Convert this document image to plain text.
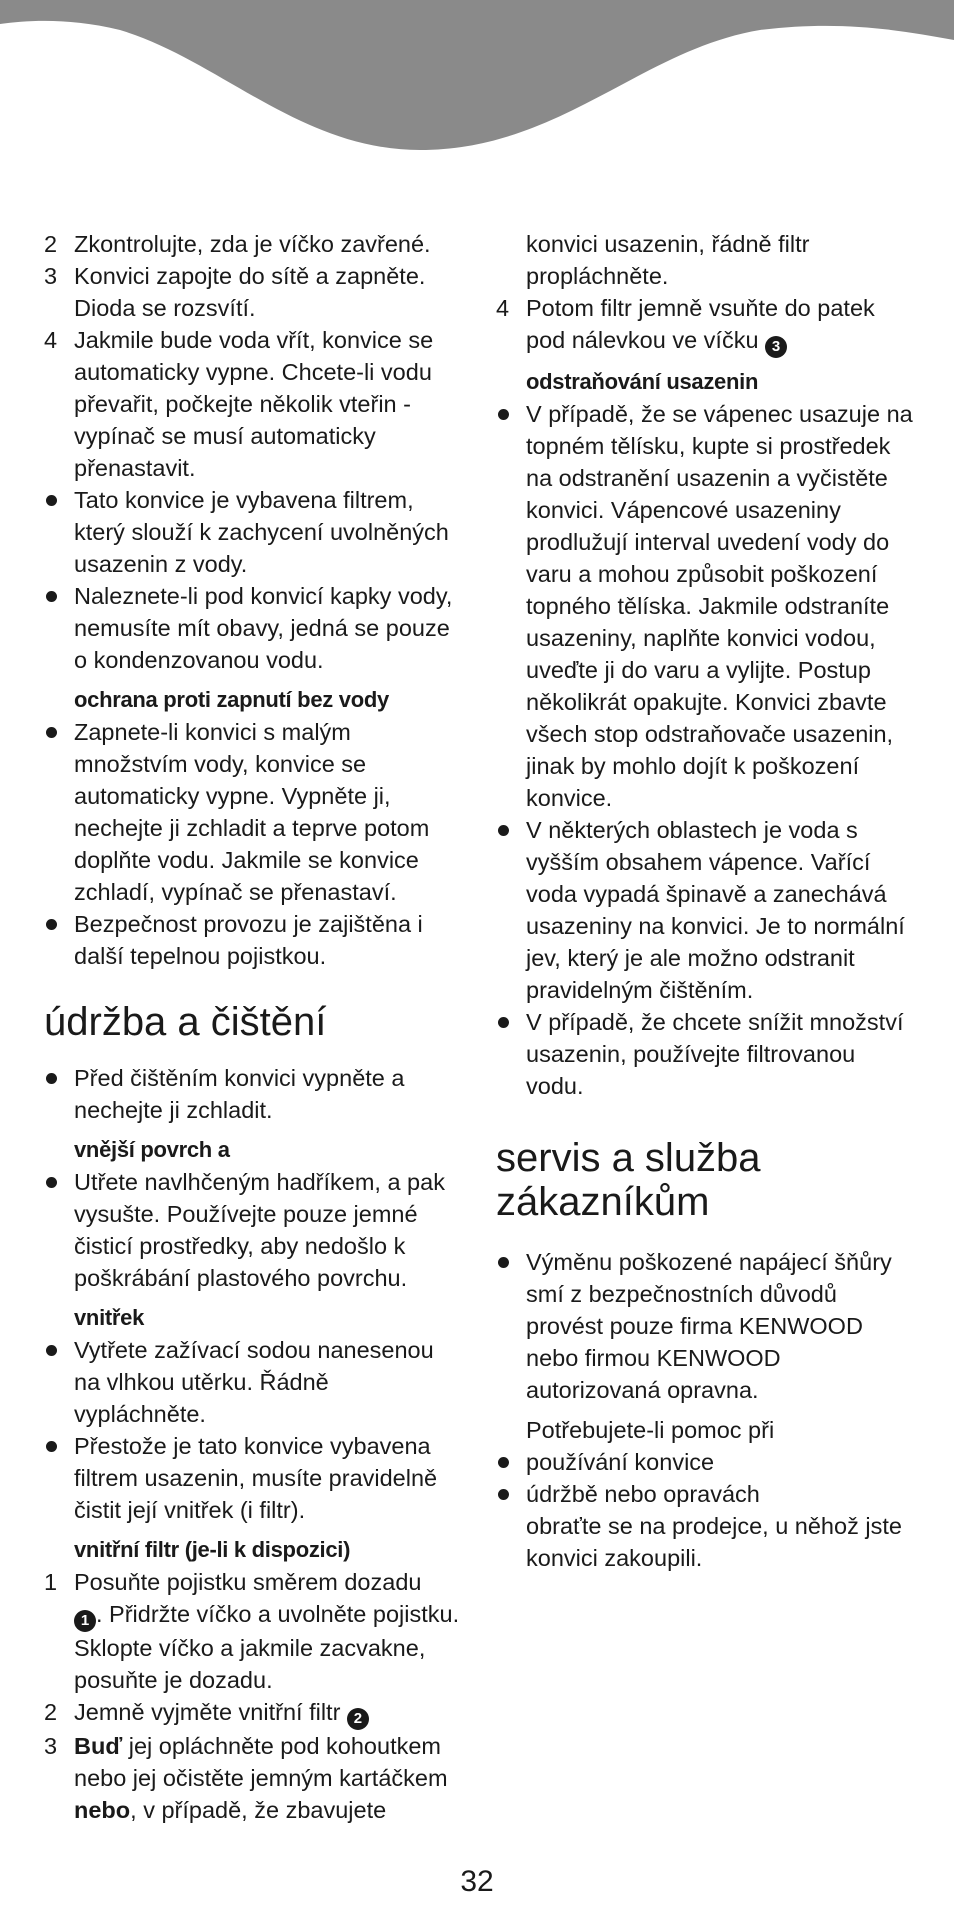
2 Zkontrolujte, zda je víčko zavřené.

3 Konvici zapojte do sítě a zapněte. Dioda se rozsvítí.

4 Jakmile bude voda vřít, konvice se automaticky vypne. Chcete-li vodu převařit, počkejte několik vteřin - vypínač se musí automaticky přenastavit.

Tato konvice je vybavena filtrem, který slouží k zachycení uvolněných usazenin z vody.

Naleznete-li pod konvicí kapky vody, nemusíte mít obavy, jedná se pouze o kondenzovanou vodu.

ochrana proti zapnutí bez vody

Zapnete-li konvici s malým množstvím vody, konvice se automaticky vypne. Vypněte ji, nechejte ji zchladit a teprve potom doplňte vodu. Jakmile se konvice zchladí, vypínač se přenastaví.

Bezpečnost provozu je zajištěna i další tepelnou pojistkou.

údržba a čištění

Před čištěním konvici vypněte a nechejte ji zchladit.

vnější povrch a

Utřete navlhčeným hadříkem, a pak vysušte. Používejte pouze jemné čisticí prostředky, aby nedošlo k poškrábání plastového povrchu.

vnitřek

Vytřete zažívací sodou nanesenou na vlhkou utěrku. Řádně vypláchněte.

Přestože je tato konvice vybavena filtrem usazenin, musíte pravidelně čistit její vnitřek (i filtr).

vnitřní filtr (je-li k dispozici)

1 Posuňte pojistku směrem dozadu
1 . Přidržte víčko a uvolněte pojistku. Sklopte víčko a jakmile zacvakne, posuňte je dozadu.

2 Jemně vyjměte vnitřní filtr 2

3 Buď jej opláchněte pod kohoutkem nebo jej očistěte jemným kartáčkem nebo, v případě, že zbavujete

konvici usazenin, řádně filtr propláchněte.

4 Potom filtr jemně vsuňte do patek pod nálevkou ve víčku 3

odstraňování usazenin

V případě, že se vápenec usazuje na topném tělísku, kupte si prostředek na odstranění usazenin a vyčistěte konvici. Vápencové usazeniny prodlužují interval uvedení vody do varu a mohou způsobit poškození topného tělíska. Jakmile odstraníte usazeniny, naplňte konvici vodou, uveďte ji do varu a vylijte. Postup několikrát opakujte. Konvici zbavte všech stop odstraňovače usazenin, jinak by mohlo dojít k poškození konvice.

V některých oblastech je voda s vyšším obsahem vápence. Vařící voda vypadá špinavě a zanechává usazeniny na konvici. Je to normální jev, který je ale možno odstranit pravidelným čištěním.

V případě, že chcete snížit množství usazenin, používejte filtrovanou vodu.

servis a služba
zákazníkům

Výměnu poškozené napájecí šňůry smí z bezpečnostních důvodů provést pouze firma KENWOOD nebo firmou KENWOOD autorizovaná opravna.

Potřebujete-li pomoc při

používání konvice

údržbě nebo opravách

obraťte se na prodejce, u něhož jste konvici zakoupili.

32
